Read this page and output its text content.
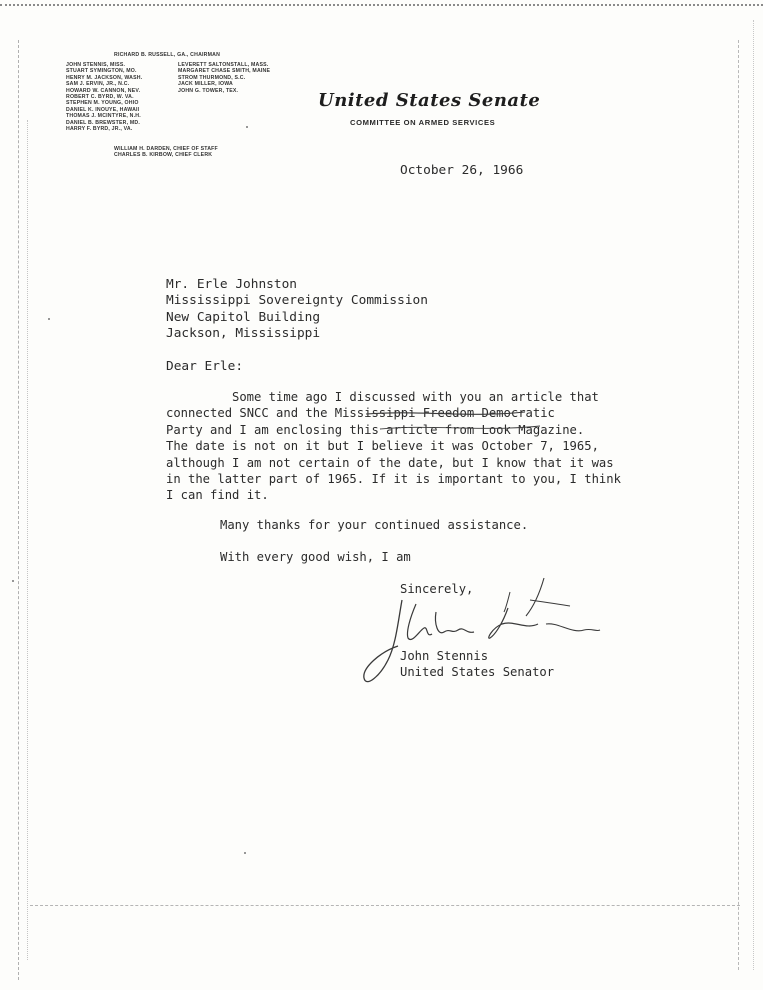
RICHARD B. RUSSELL, GA., CHAIRMAN
JOHN STENNIS, MISS.
STUART SYMINGTON, MO.
HENRY M. JACKSON, WASH.
SAM J. ERVIN, JR., N.C.
HOWARD W. CANNON, NEV.
ROBERT C. BYRD, W. VA.
STEPHEN M. YOUNG, OHIO
DANIEL K. INOUYE, HAWAII
THOMAS J. MCINTYRE, N.H.
DANIEL B. BREWSTER, MD.
HARRY F. BYRD, JR., VA.
LEVERETT SALTONSTALL, MASS.
MARGARET CHASE SMITH, MAINE
STROM THURMOND, S.C.
JACK MILLER, IOWA
JOHN G. TOWER, TEX.
WILLIAM H. DARDEN, CHIEF OF STAFF
CHARLES B. KIRBOW, CHIEF CLERK
United States Senate
COMMITTEE ON ARMED SERVICES
October 26, 1966
Mr. Erle Johnston
Mississippi Sovereignty Commission
New Capitol Building
Jackson, Mississippi
Dear Erle:
Some time ago I discussed with you an article that
connected SNCC and the Mississippi Freedom Democratic
Party and I am enclosing this article from Look Magazine.
The date is not on it but I believe it was October 7, 1965,
although I am not certain of the date, but I know that it was
in the latter part of 1965. If it is important to you, I think
I can find it.
Many thanks for your continued assistance.
With every good wish, I am
Sincerely,
John Stennis
United States Senator
